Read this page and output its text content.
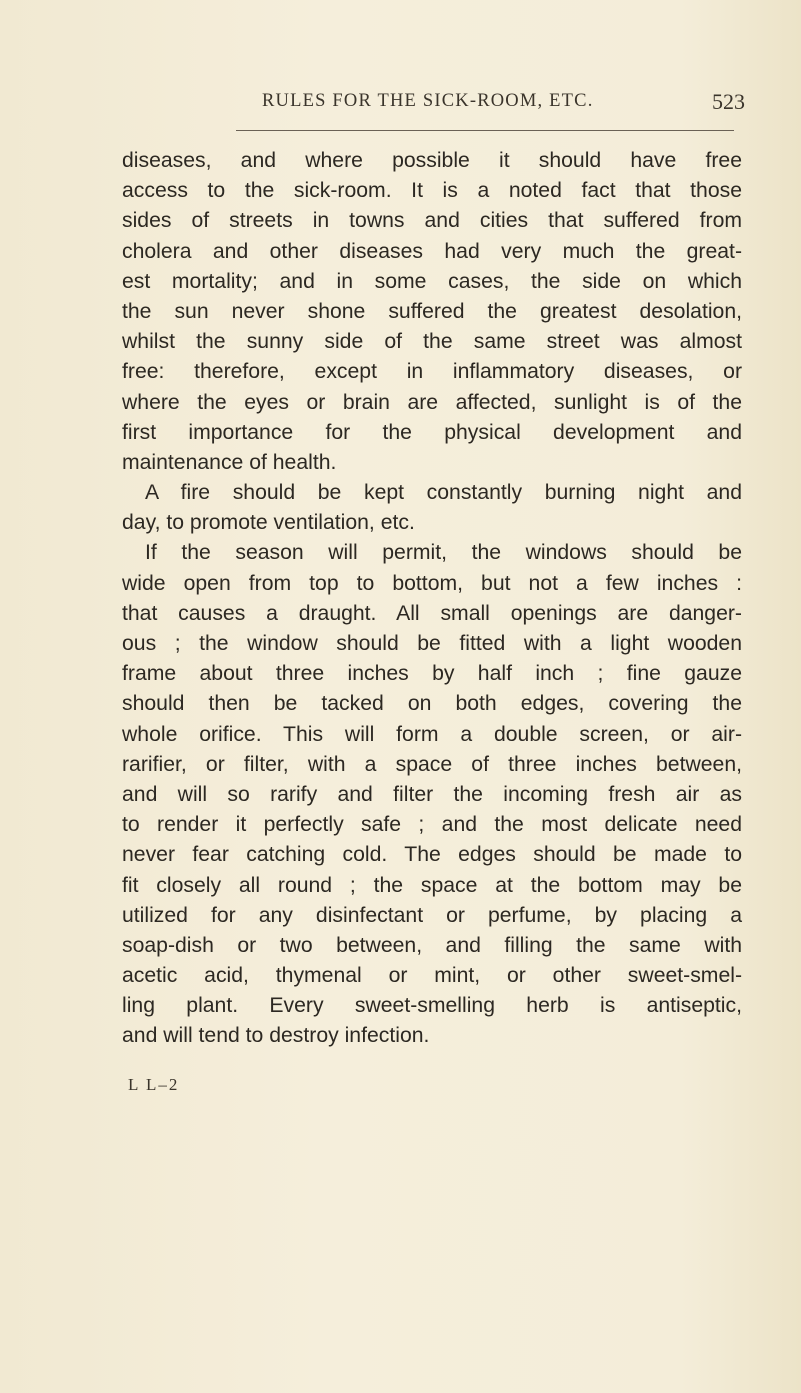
RULES FOR THE SICK-ROOM, ETC.	523
diseases, and where possible it should have free
access to the sick-room. It is a noted fact that those
sides of streets in towns and cities that suffered from
cholera and other diseases had very much the great-
est mortality; and in some cases, the side on which
the sun never shone suffered the greatest desolation,
whilst the sunny side of the same street was almost
free: therefore, except in inflammatory diseases, or
where the eyes or brain are affected, sunlight is of the
first importance for the physical development and
maintenance of health.
A fire should be kept constantly burning night and
day, to promote ventilation, etc.
If the season will permit, the windows should be
wide open from top to bottom, but not a few inches :
that causes a draught. All small openings are danger-
ous ; the window should be fitted with a light wooden
frame about three inches by half inch ; fine gauze
should then be tacked on both edges, covering the
whole orifice. This will form a double screen, or air-
rarifier, or filter, with a space of three inches between,
and will so rarify and filter the incoming fresh air as
to render it perfectly safe ; and the most delicate need
never fear catching cold. The edges should be made to
fit closely all round ; the space at the bottom may be
utilized for any disinfectant or perfume, by placing a
soap-dish or two between, and filling the same with
acetic acid, thymenal or mint, or other sweet-smel-
ling plant. Every sweet-smelling herb is antiseptic,
and will tend to destroy infection.
L L–2
